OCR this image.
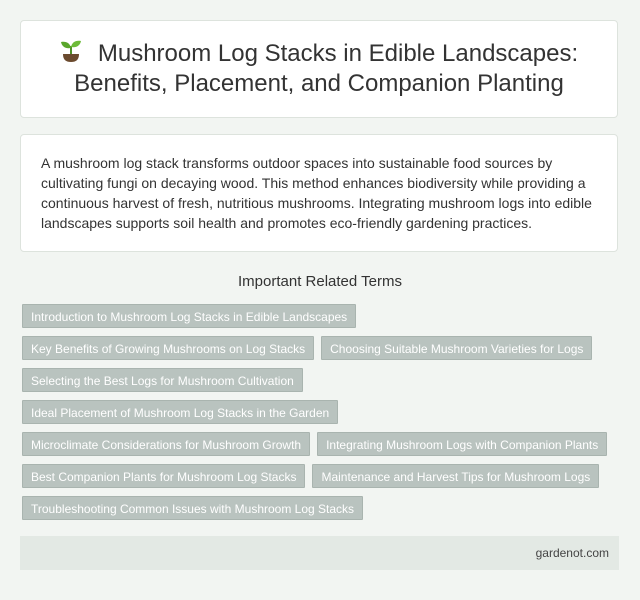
Mushroom Log Stacks in Edible Landscapes: Benefits, Placement, and Companion Planting

A mushroom log stack transforms outdoor spaces into sustainable food sources by cultivating fungi on decaying wood. This method enhances biodiversity while providing a continuous harvest of fresh, nutritious mushrooms. Integrating mushroom logs into edible landscapes supports soil health and promotes eco-friendly gardening practices.

Important Related Terms
Introduction to Mushroom Log Stacks in Edible Landscapes
Key Benefits of Growing Mushrooms on Log Stacks	Choosing Suitable Mushroom Varieties for Logs
Selecting the Best Logs for Mushroom Cultivation
Ideal Placement of Mushroom Log Stacks in the Garden
Microclimate Considerations for Mushroom Growth	Integrating Mushroom Logs with Companion Plants
Best Companion Plants for Mushroom Log Stacks	Maintenance and Harvest Tips for Mushroom Logs
Troubleshooting Common Issues with Mushroom Log Stacks
gardenot.com
